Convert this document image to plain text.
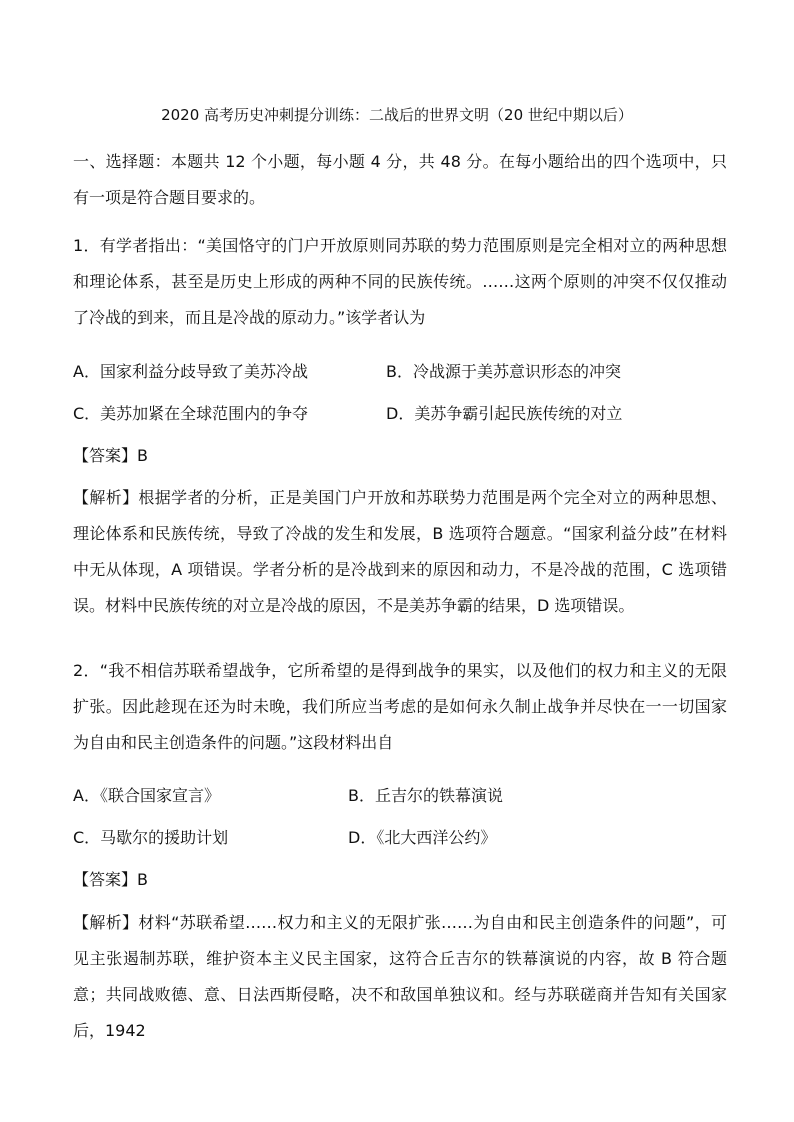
2020 高考历史冲刺提分训练：二战后的世界文明（20 世纪中期以后）
一、选择题：本题共 12 个小题，每小题 4 分，共 48 分。在每小题给出的四个选项中，只有一项是符合题目要求的。
1．有学者指出：“美国恪守的门户开放原则同苏联的势力范围原则是完全相对立的两种思想和理论体系，甚至是历史上形成的两种不同的民族传统。……这两个原则的冲突不仅仅推动了冷战的到来，而且是冷战的原动力。”该学者认为
A．国家利益分歧导致了美苏冷战	B．冷战源于美苏意识形态的冲突
C．美苏加紧在全球范围内的争夺	D．美苏争霸引起民族传统的对立
【答案】B
【解析】根据学者的分析，正是美国门户开放和苏联势力范围是两个完全对立的两种思想、理论体系和民族传统，导致了冷战的发生和发展，B 选项符合题意。“国家利益分歧”在材料中无从体现，A 项错误。学者分析的是冷战到来的原因和动力，不是冷战的范围，C 选项错误。材料中民族传统的对立是冷战的原因，不是美苏争霸的结果，D 选项错误。
2．“我不相信苏联希望战争，它所希望的是得到战争的果实，以及他们的权力和主义的无限扩张。因此趁现在还为时未晚，我们所应当考虑的是如何永久制止战争并尽快在一一切国家为自由和民主创造条件的问题。”这段材料出自
A．《联合国家宣言》	B．丘吉尔的铁幕演说
C．马歇尔的援助计划	D．《北大西洋公约》
【答案】B
【解析】材料“苏联希望……权力和主义的无限扩张……为自由和民主创造条件的问题”，可见主张遏制苏联，维护资本主义民主国家，这符合丘吉尔的铁幕演说的内容，故 B 符合题意；共同战败德、意、日法西斯侵略，决不和敌国单独议和。经与苏联磋商并告知有关国家后，1942
